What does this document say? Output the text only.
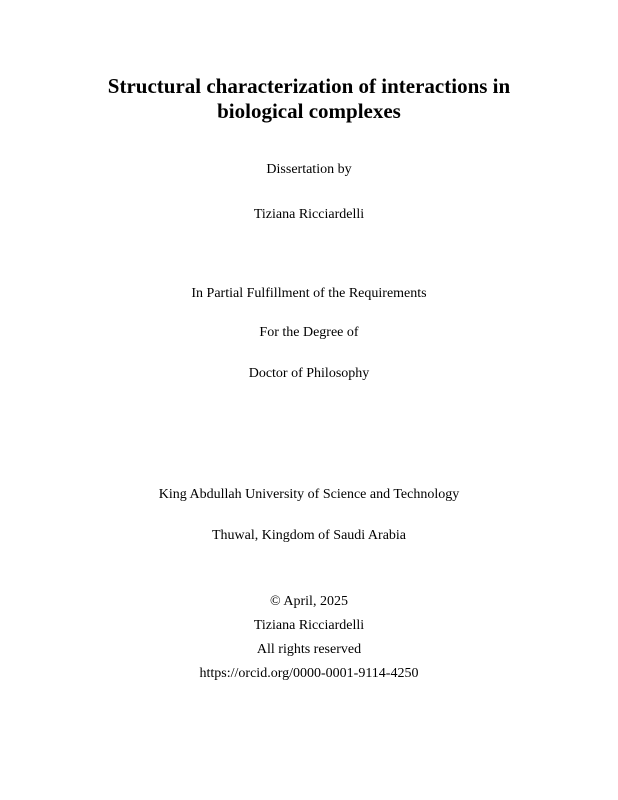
Structural characterization of interactions in
biological complexes
Dissertation by
Tiziana Ricciardelli
In Partial Fulfillment of the Requirements
For the Degree of
Doctor of Philosophy
King Abdullah University of Science and Technology
Thuwal, Kingdom of Saudi Arabia
© April, 2025
Tiziana Ricciardelli
All rights reserved
https://orcid.org/0000-0001-9114-4250
